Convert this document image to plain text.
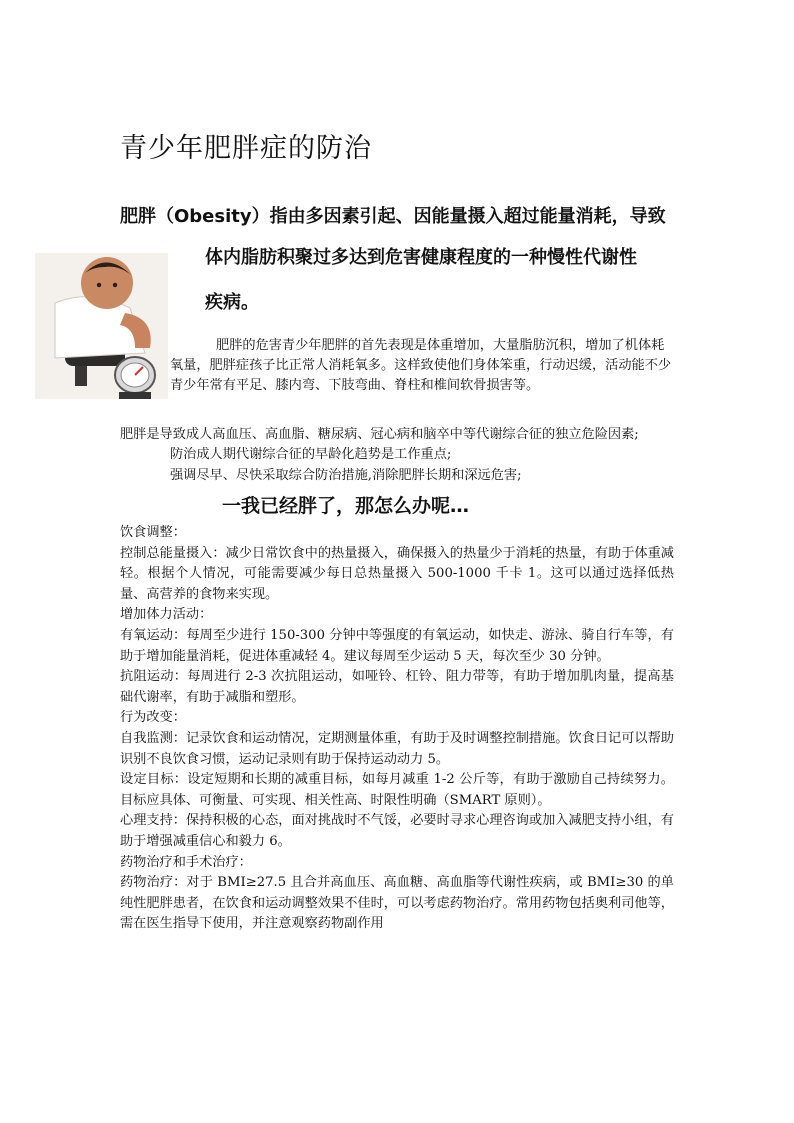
青少年肥胖症的防治
肥胖（Obesity）指由多因素引起、因能量摄入超过能量消耗，导致
体内脂肪积聚过多达到危害健康程度的一种慢性代谢性
疾病。
肥胖的危害青少年肥胖的首先表现是体重增加，大量脂肪沉积，增加了机体耗氧量，肥胖症孩子比正常人消耗氧多。这样致使他们身体笨重，行动迟缓，活动能不少青少年常有平足、膝内弯、下肢弯曲、脊柱和椎间软骨损害等。
肥胖是导致成人高血压、高血脂、糖尿病、冠心病和脑卒中等代谢综合征的独立危险因素;
防治成人期代谢综合征的早龄化趋势是工作重点;
强调尽早、尽快采取综合防治措施,消除肥胖长期和深远危害;
一我已经胖了，那怎么办呢…
饮食调整：
控制总能量摄入：减少日常饮食中的热量摄入，确保摄入的热量少于消耗的热量，有助于体重减轻。根据个人情况，可能需要减少每日总热量摄入 500-1000 千卡 1。这可以通过选择低热量、高营养的食物来实现。
增加体力活动：
有氧运动：每周至少进行 150-300 分钟中等强度的有氧运动，如快走、游泳、骑自行车等，有助于增加能量消耗，促进体重减轻 4。建议每周至少运动 5 天，每次至少 30 分钟。
抗阻运动：每周进行 2-3 次抗阻运动，如哑铃、杠铃、阻力带等，有助于增加肌肉量，提高基础代谢率，有助于减脂和塑形。
行为改变：
自我监测：记录饮食和运动情况，定期测量体重，有助于及时调整控制措施。饮食日记可以帮助识别不良饮食习惯，运动记录则有助于保持运动动力 5。
设定目标：设定短期和长期的减重目标，如每月减重 1-2 公斤等，有助于激励自己持续努力。目标应具体、可衡量、可实现、相关性高、时限性明确（SMART 原则）。
心理支持：保持积极的心态，面对挑战时不气馁，必要时寻求心理咨询或加入减肥支持小组，有助于增强减重信心和毅力 6。
药物治疗和手术治疗：
药物治疗：对于 BMI≥27.5 且合并高血压、高血糖、高血脂等代谢性疾病，或 BMI≥30 的单纯性肥胖患者，在饮食和运动调整效果不佳时，可以考虑药物治疗。常用药物包括奥利司他等，需在医生指导下使用，并注意观察药物副作用
